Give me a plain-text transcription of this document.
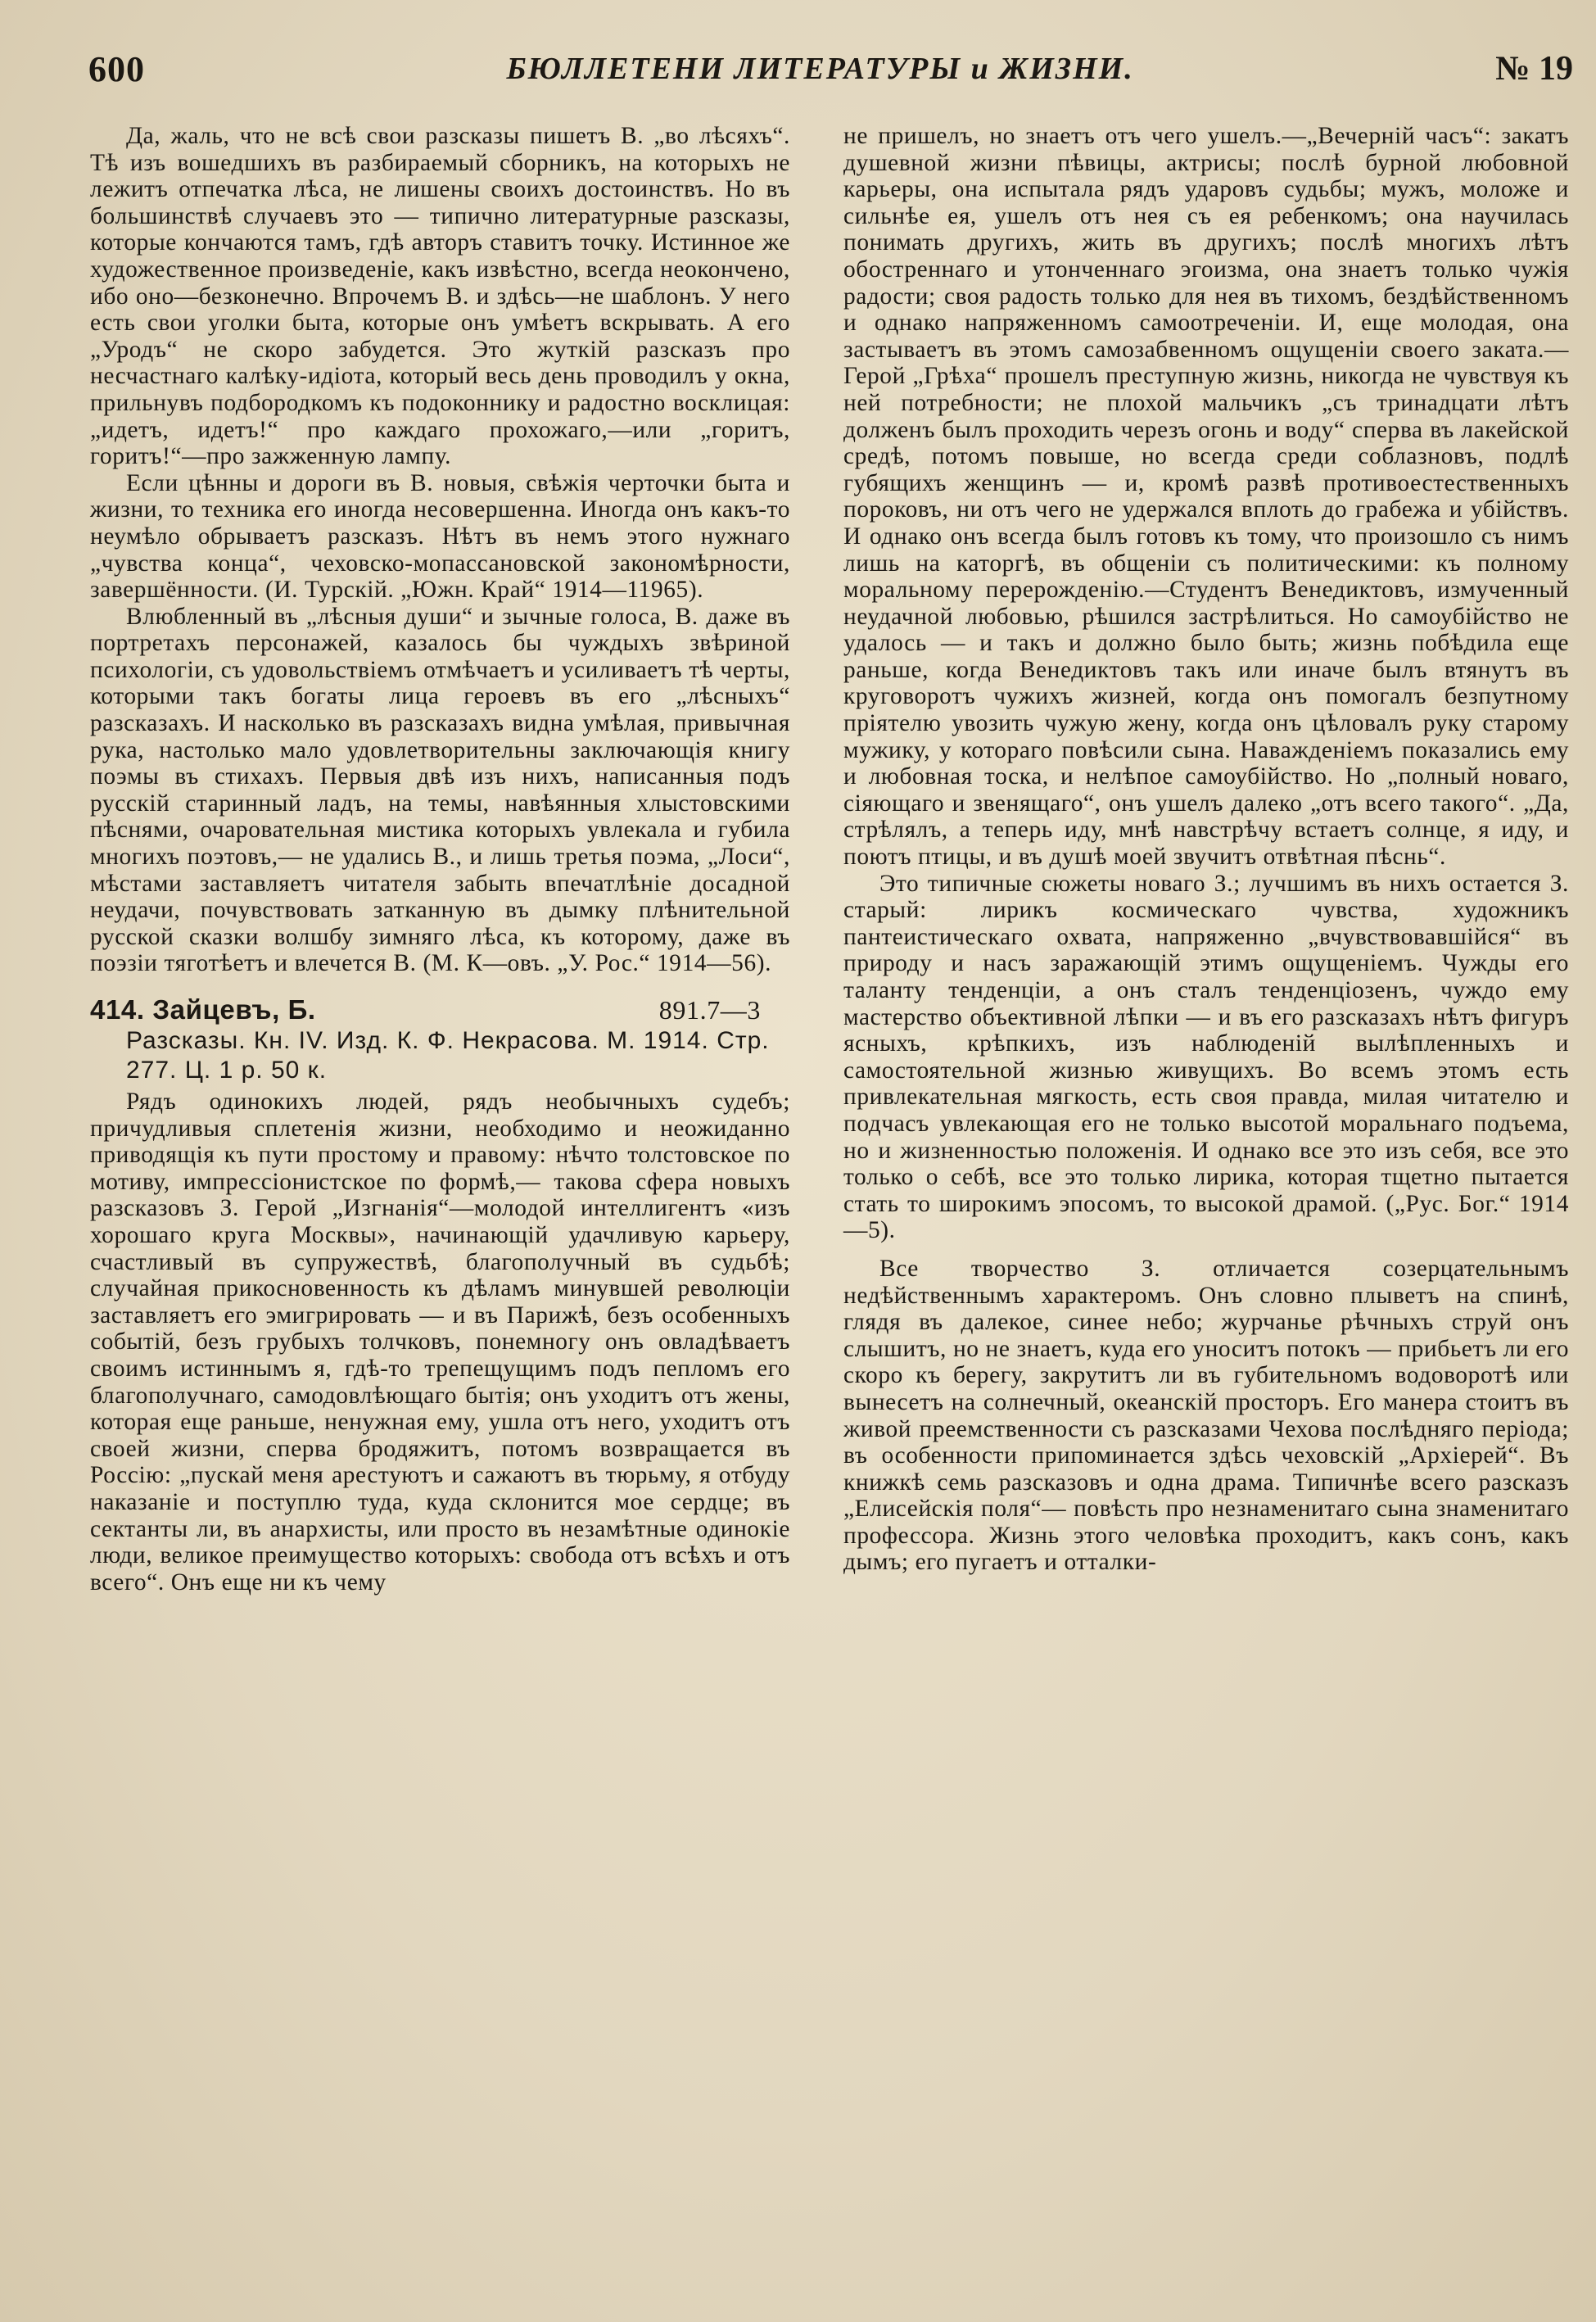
600	БЮЛЛЕТЕНИ ЛИТЕРАТУРЫ и ЖИЗНИ.	№ 19

Да, жаль, что не всѣ свои разсказы пишетъ В. „во лѣсяхъ“. Тѣ изъ вошедшихъ въ разбираемый сборникъ, на которыхъ не лежитъ отпечатка лѣса, не лишены своихъ достоинствъ. Но въ большинствѣ случаевъ это — типично литературные разсказы, которые кончаются тамъ, гдѣ авторъ ставитъ точку. Истинное же художественное произведенiе, какъ извѣстно, всегда неокончено, ибо оно—безконечно. Впрочемъ В. и здѣсь—не шаблонъ. У него есть свои уголки быта, которые онъ умѣетъ вскрывать. А его „Уродъ“ не скоро забудется. Это жуткiй разсказъ про несчастнаго калѣку-идiота, который весь день проводилъ у окна, прильнувъ подбородкомъ къ подоконнику и радостно восклицая: „идетъ, идетъ!“ про каждаго прохожаго,—или „горитъ, горитъ!“—про зажженную лампу.

Если цѣнны и дороги въ В. новыя, свѣжiя черточки быта и жизни, то техника его иногда несовершенна. Иногда онъ какъ-то неумѣло обрываетъ разсказъ. Нѣтъ въ немъ этого нужнаго „чувства конца“, чеховско-мопассановской закономѣрности, завершённости. (И. Турскiй. „Южн. Край“ 1914—11965).

Влюбленный въ „лѣсныя души“ и зычные голоса, В. даже въ портретахъ персонажей, казалось бы чуждыхъ звѣриной психологiи, съ удовольствiемъ отмѣчаетъ и усиливаетъ тѣ черты, которыми такъ богаты лица героевъ въ его „лѣсныхъ“ разсказахъ. И насколько въ разсказахъ видна умѣлая, привычная рука, настолько мало удовлетворительны заключающiя книгу поэмы въ стихахъ. Первыя двѣ изъ нихъ, написанныя подъ русскiй старинный ладъ, на темы, навѣянныя хлыстовскими пѣснями, очаровательная мистика которыхъ увлекала и губила многихъ поэтовъ,— не удались В., и лишь третья поэма, „Лоси“, мѣстами заставляетъ читателя забыть впечатлѣнiе досадной неудачи, почувствовать затканную въ дымку плѣнительной русской сказки волшбу зимняго лѣса, къ которому, даже въ поэзiи тяготѣетъ и влечется В. (М. К—овъ. „У. Рос.“ 1914—56).

414. Зайцевъ, Б.	891.7—3
Разсказы. Кн. IV. Изд. К. Ф. Некрасова. М. 1914. Стр. 277. Ц. 1 р. 50 к.

Рядъ одинокихъ людей, рядъ необычныхъ судебъ; причудливыя сплетенiя жизни, необходимо и неожиданно приводящiя къ пути простому и правому: нѣчто толстовское по мотиву, импрессiонистское по формѣ,— такова сфера новыхъ разсказовъ З. Герой „Изгнанiя“—молодой интеллигентъ «изъ хорошаго круга Москвы», начинающiй удачливую карьеру, счастливый въ супружествѣ, благополучный въ судьбѣ; случайная прикосновенность къ дѣламъ минувшей революцiи заставляетъ его эмигрировать — и въ Парижѣ, безъ особенныхъ событiй, безъ грубыхъ толчковъ, понемногу онъ овладѣваетъ своимъ истиннымъ я, гдѣ-то трепещущимъ подъ пепломъ его благополучнаго, самодовлѣющаго бытiя; онъ уходитъ отъ жены, которая еще раньше, ненужная ему, ушла отъ него, уходитъ отъ своей жизни, сперва бродяжитъ, потомъ возвращается въ Россiю: „пускай меня арестуютъ и сажаютъ въ тюрьму, я отбуду наказанiе и поступлю туда, куда склонится мое сердце; въ сектанты ли, въ анархисты, или просто въ незамѣтные одинокiе люди, великое преимущество которыхъ: свобода отъ всѣхъ и отъ всего“. Онъ еще ни къ чему

не пришелъ, но знаетъ отъ чего ушелъ.—„Вечернiй часъ“: закатъ душевной жизни пѣвицы, актрисы; послѣ бурной любовной карьеры, она испытала рядъ ударовъ судьбы; мужъ, моложе и сильнѣе ея, ушелъ отъ нея съ ея ребенкомъ; она научилась понимать другихъ, жить въ другихъ; послѣ многихъ лѣтъ обостреннаго и утонченнаго эгоизма, она знаетъ только чужiя радости; своя радость только для нея въ тихомъ, бездѣйственномъ и однако напряженномъ самоотреченiи. И, еще молодая, она застываетъ въ этомъ самозабвенномъ ощущенiи своего заката.— Герой „Грѣха“ прошелъ преступную жизнь, никогда не чувствуя къ ней потребности; не плохой мальчикъ „съ тринадцати лѣтъ долженъ былъ проходить черезъ огонь и воду“ сперва въ лакейской средѣ, потомъ повыше, но всегда среди соблазновъ, подлѣ губящихъ женщинъ — и, кромѣ развѣ противоестественныхъ пороковъ, ни отъ чего не удержался вплоть до грабежа и убiйствъ. И однако онъ всегда былъ готовъ къ тому, что произошло съ нимъ лишь на каторгѣ, въ общенiи съ политическими: къ полному моральному перерожденiю.—Студентъ Венедиктовъ, измученный неудачной любовью, рѣшился застрѣлиться. Но самоубiйство не удалось — и такъ и должно было быть; жизнь побѣдила еще раньше, когда Венедиктовъ такъ или иначе былъ втянутъ въ круговоротъ чужихъ жизней, когда онъ помогалъ безпутному прiятелю увозить чужую жену, когда онъ цѣловалъ руку старому мужику, у котораго повѣсили сына. Наважденiемъ показались ему и любовная тоска, и нелѣпое самоубiйство. Но „полный новаго, сiяющаго и звенящаго“, онъ ушелъ далеко „отъ всего такого“. „Да, стрѣлялъ, а теперь иду, мнѣ навстрѣчу встаетъ солнце, я иду, и поютъ птицы, и въ душѣ моей звучитъ отвѣтная пѣснь“.

Это типичные сюжеты новаго З.; лучшимъ въ нихъ остается З. старый: лирикъ космическаго чувства, художникъ пантеистическаго охвата, напряженно „вчувствовавшiйся“ въ природу и насъ заражающiй этимъ ощущенiемъ. Чужды его таланту тенденцiи, а онъ сталъ тенденцiозенъ, чуждо ему мастерство объективной лѣпки — и въ его разсказахъ нѣтъ фигуръ ясныхъ, крѣпкихъ, изъ наблюденiй вылѣпленныхъ и самостоятельной жизнью живущихъ. Во всемъ этомъ есть привлекательная мягкость, есть своя правда, милая читателю и подчасъ увлекающая его не только высотой моральнаго подъема, но и жизненностью положенiя. И однако все это изъ себя, все это только о себѣ, все это только лирика, которая тщетно пытается стать то широкимъ эпосомъ, то высокой драмой. („Рус. Бог.“ 1914—5).

Все творчество З. отличается созерцательнымъ недѣйственнымъ характеромъ. Онъ словно плыветъ на спинѣ, глядя въ далекое, синее небо; журчанье рѣчныхъ струй онъ слышитъ, но не знаетъ, куда его уноситъ потокъ — прибьетъ ли его скоро къ берегу, закрутитъ ли въ губительномъ водоворотѣ или вынесетъ на солнечный, океанскiй просторъ. Его манера стоитъ въ живой преемственности съ разсказами Чехова послѣдняго перiода; въ особенности припоминается здѣсь чеховскiй „Архiерей“. Въ книжкѣ семь разсказовъ и одна драма. Типичнѣе всего разсказъ „Елисейскiя поля“— повѣсть про незнаменитаго сына знаменитаго профессора. Жизнь этого человѣка проходитъ, какъ сонъ, какъ дымъ; его пугаетъ и отталки-
